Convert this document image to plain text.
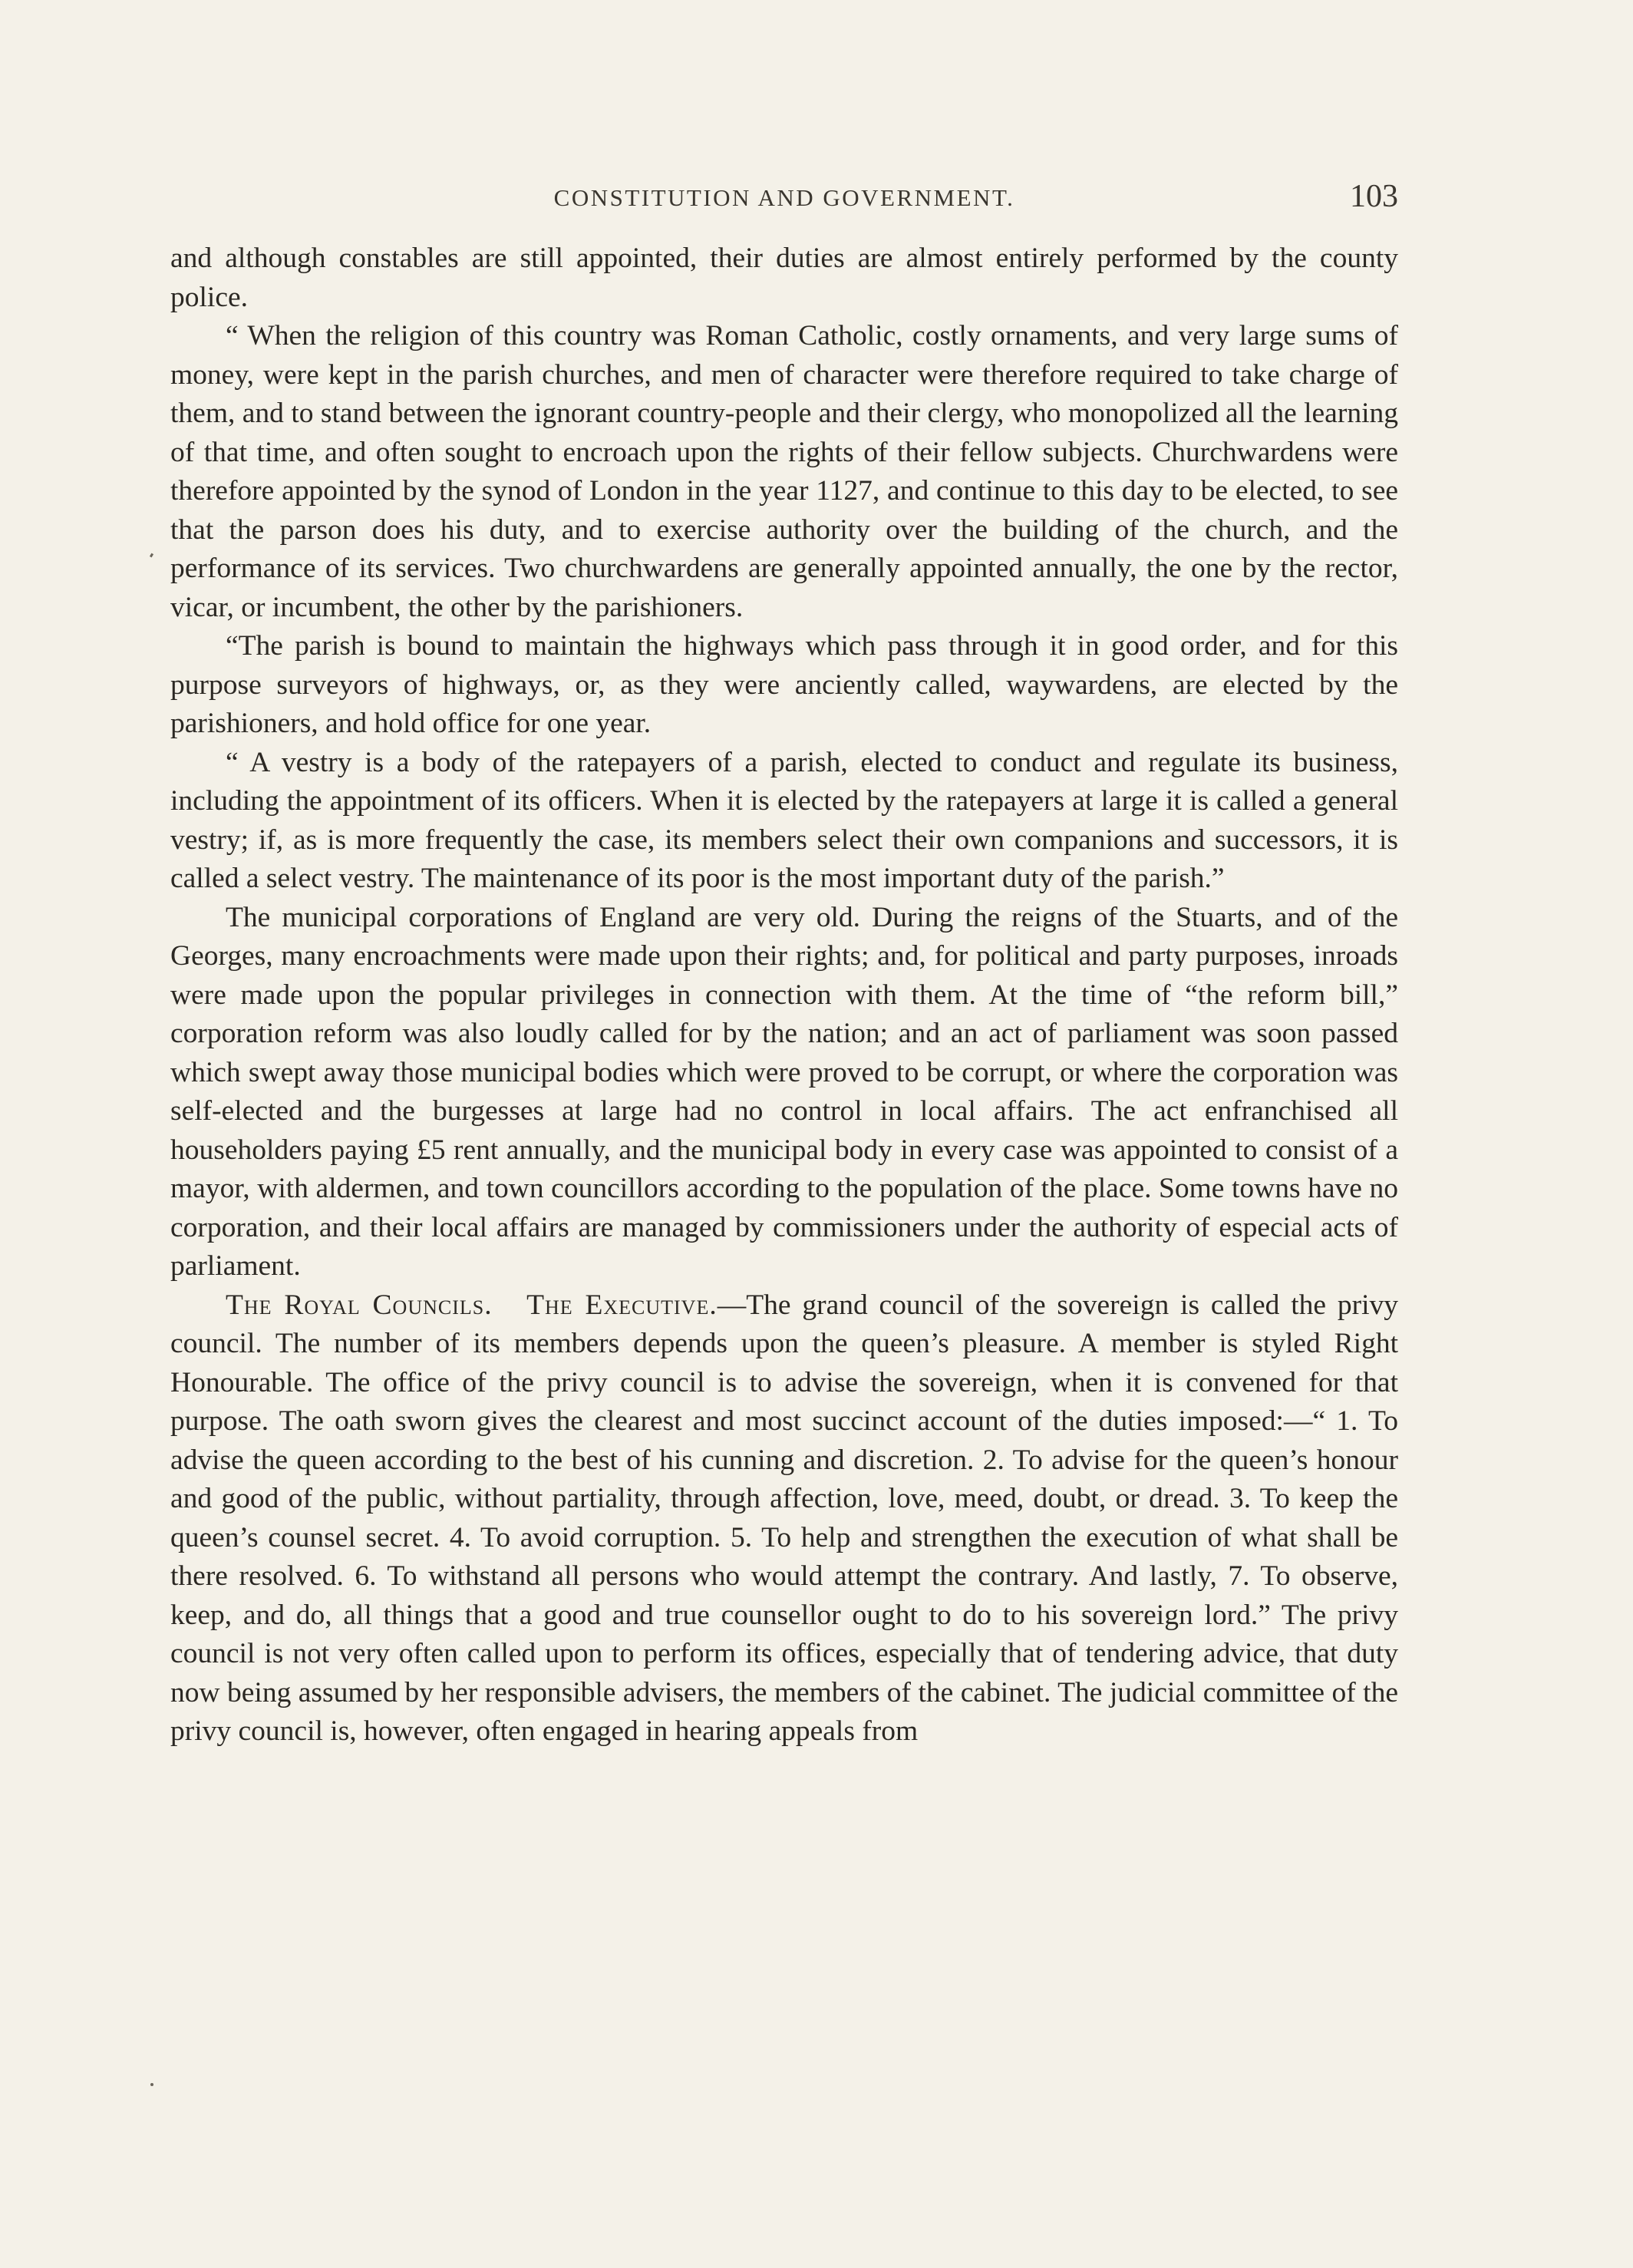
CONSTITUTION AND GOVERNMENT.	103

and although constables are still appointed, their duties are almost entirely performed by the county police.

“ When the religion of this country was Roman Catholic, costly ornaments, and very large sums of money, were kept in the parish churches, and men of character were therefore required to take charge of them, and to stand between the ignorant country-people and their clergy, who monopolized all the learning of that time, and often sought to encroach upon the rights of their fellow subjects. Churchwardens were therefore appointed by the synod of London in the year 1127, and continue to this day to be elected, to see that the parson does his duty, and to exercise authority over the building of the church, and the performance of its services. Two churchwardens are generally appointed annually, the one by the rector, vicar, or incumbent, the other by the parishioners.

“The parish is bound to maintain the highways which pass through it in good order, and for this purpose surveyors of highways, or, as they were anciently called, waywardens, are elected by the parishioners, and hold office for one year.

“ A vestry is a body of the ratepayers of a parish, elected to conduct and regulate its business, including the appointment of its officers. When it is elected by the ratepayers at large it is called a general vestry; if, as is more frequently the case, its members select their own companions and successors, it is called a select vestry. The maintenance of its poor is the most important duty of the parish.”

The municipal corporations of England are very old. During the reigns of the Stuarts, and of the Georges, many encroachments were made upon their rights; and, for political and party purposes, inroads were made upon the popular privileges in connection with them. At the time of “the reform bill,” corporation reform was also loudly called for by the nation; and an act of parliament was soon passed which swept away those municipal bodies which were proved to be corrupt, or where the corporation was self-elected and the burgesses at large had no control in local affairs. The act enfranchised all householders paying £5 rent annually, and the municipal body in every case was appointed to consist of a mayor, with aldermen, and town councillors according to the population of the place. Some towns have no corporation, and their local affairs are managed by commissioners under the authority of especial acts of parliament.

The Royal Councils. The Executive.—The grand council of the sovereign is called the privy council. The number of its members depends upon the queen’s pleasure. A member is styled Right Honourable. The office of the privy council is to advise the sovereign, when it is convened for that purpose. The oath sworn gives the clearest and most succinct account of the duties imposed:—“ 1. To advise the queen according to the best of his cunning and discretion. 2. To advise for the queen’s honour and good of the public, without partiality, through affection, love, meed, doubt, or dread. 3. To keep the queen’s counsel secret. 4. To avoid corruption. 5. To help and strengthen the execution of what shall be there resolved. 6. To withstand all persons who would attempt the contrary. And lastly, 7. To observe, keep, and do, all things that a good and true counsellor ought to do to his sovereign lord.” The privy council is not very often called upon to perform its offices, especially that of tendering advice, that duty now being assumed by her responsible advisers, the members of the cabinet. The judicial committee of the privy council is, however, often engaged in hearing appeals from
